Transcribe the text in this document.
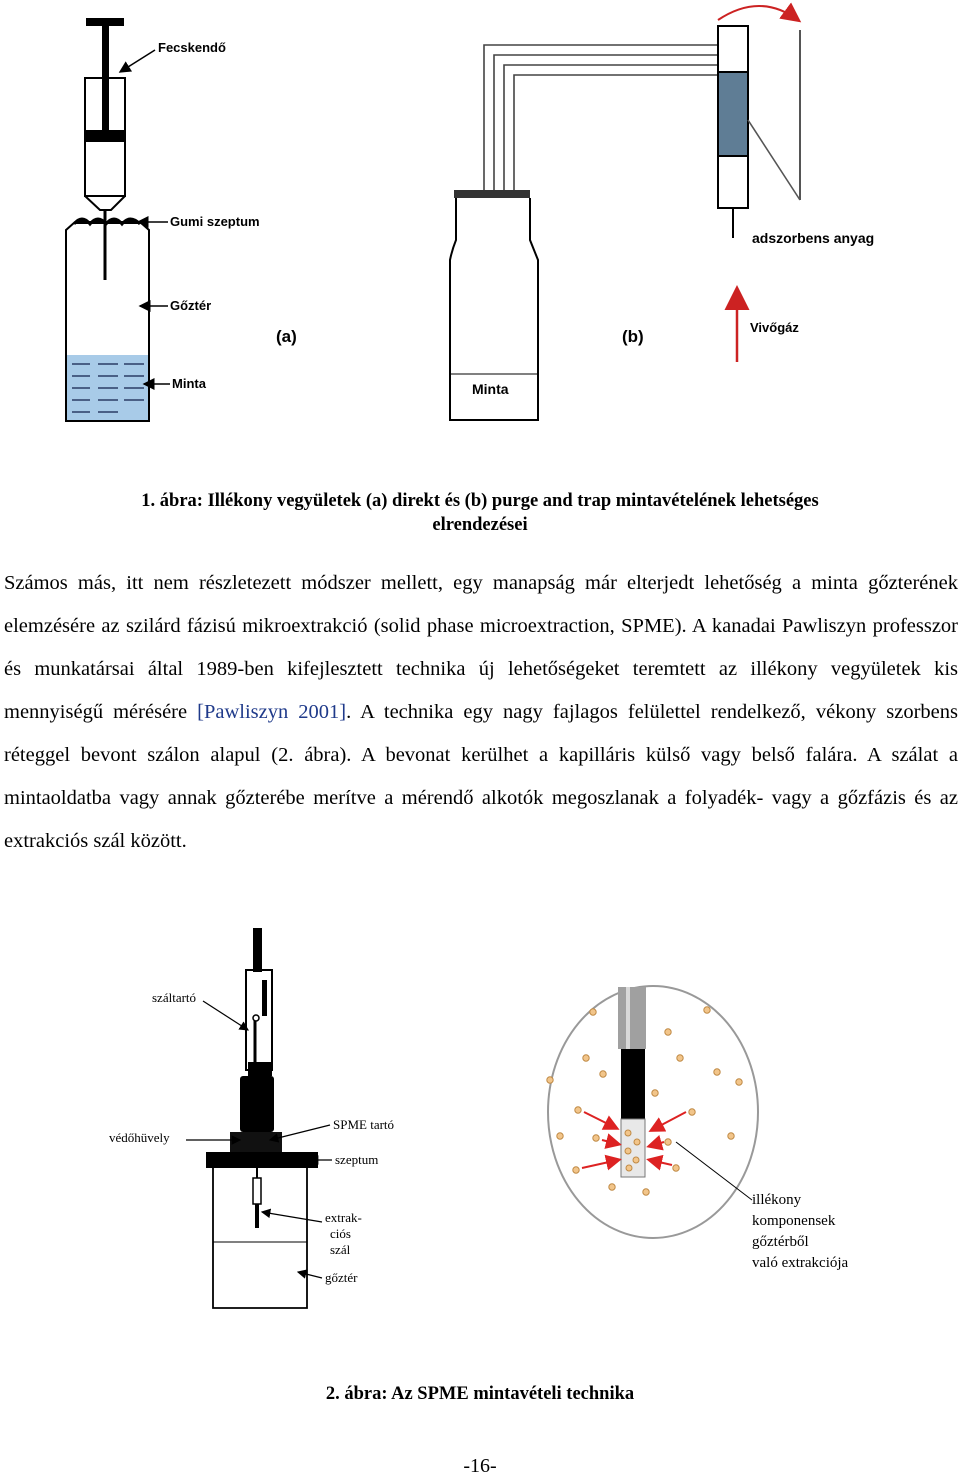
Fecskendő
Gumi szeptum
Gőztér
Minta
(a)
Minta
(b)
adszorbens anyag
Vivőgáz
1. ábra: Illékony vegyületek (a) direkt és (b) purge and trap mintavételének lehetséges
elrendezései
Számos más, itt nem részletezett módszer mellett, egy manapság már elterjedt lehetőség a minta gőzterének elemzésére az szilárd fázisú mikroextrakció (solid phase microextraction, SPME). A kanadai Pawliszyn professzor és munkatársai által 1989-ben kifejlesztett technika új lehetőségeket teremtett az illékony vegyületek kis mennyiségű mérésére [Pawliszyn 2001]. A technika egy nagy fajlagos felülettel rendelkező, vékony szorbens réteggel bevont szálon alapul (2. ábra). A bevonat kerülhet a kapilláris külső vagy belső falára. A szálat a mintaoldatba vagy annak gőzterébe merítve a mérendő alkotók megoszlanak a folyadék- vagy a gőzfázis és az extrakciós szál között.
száltartó
védőhüvely
SPME tartó
szeptum
extrak-
ciós
szál
gőztér
illékony
komponensek
gőztérből
való extrakciója
2. ábra: Az SPME mintavételi technika
-16-
